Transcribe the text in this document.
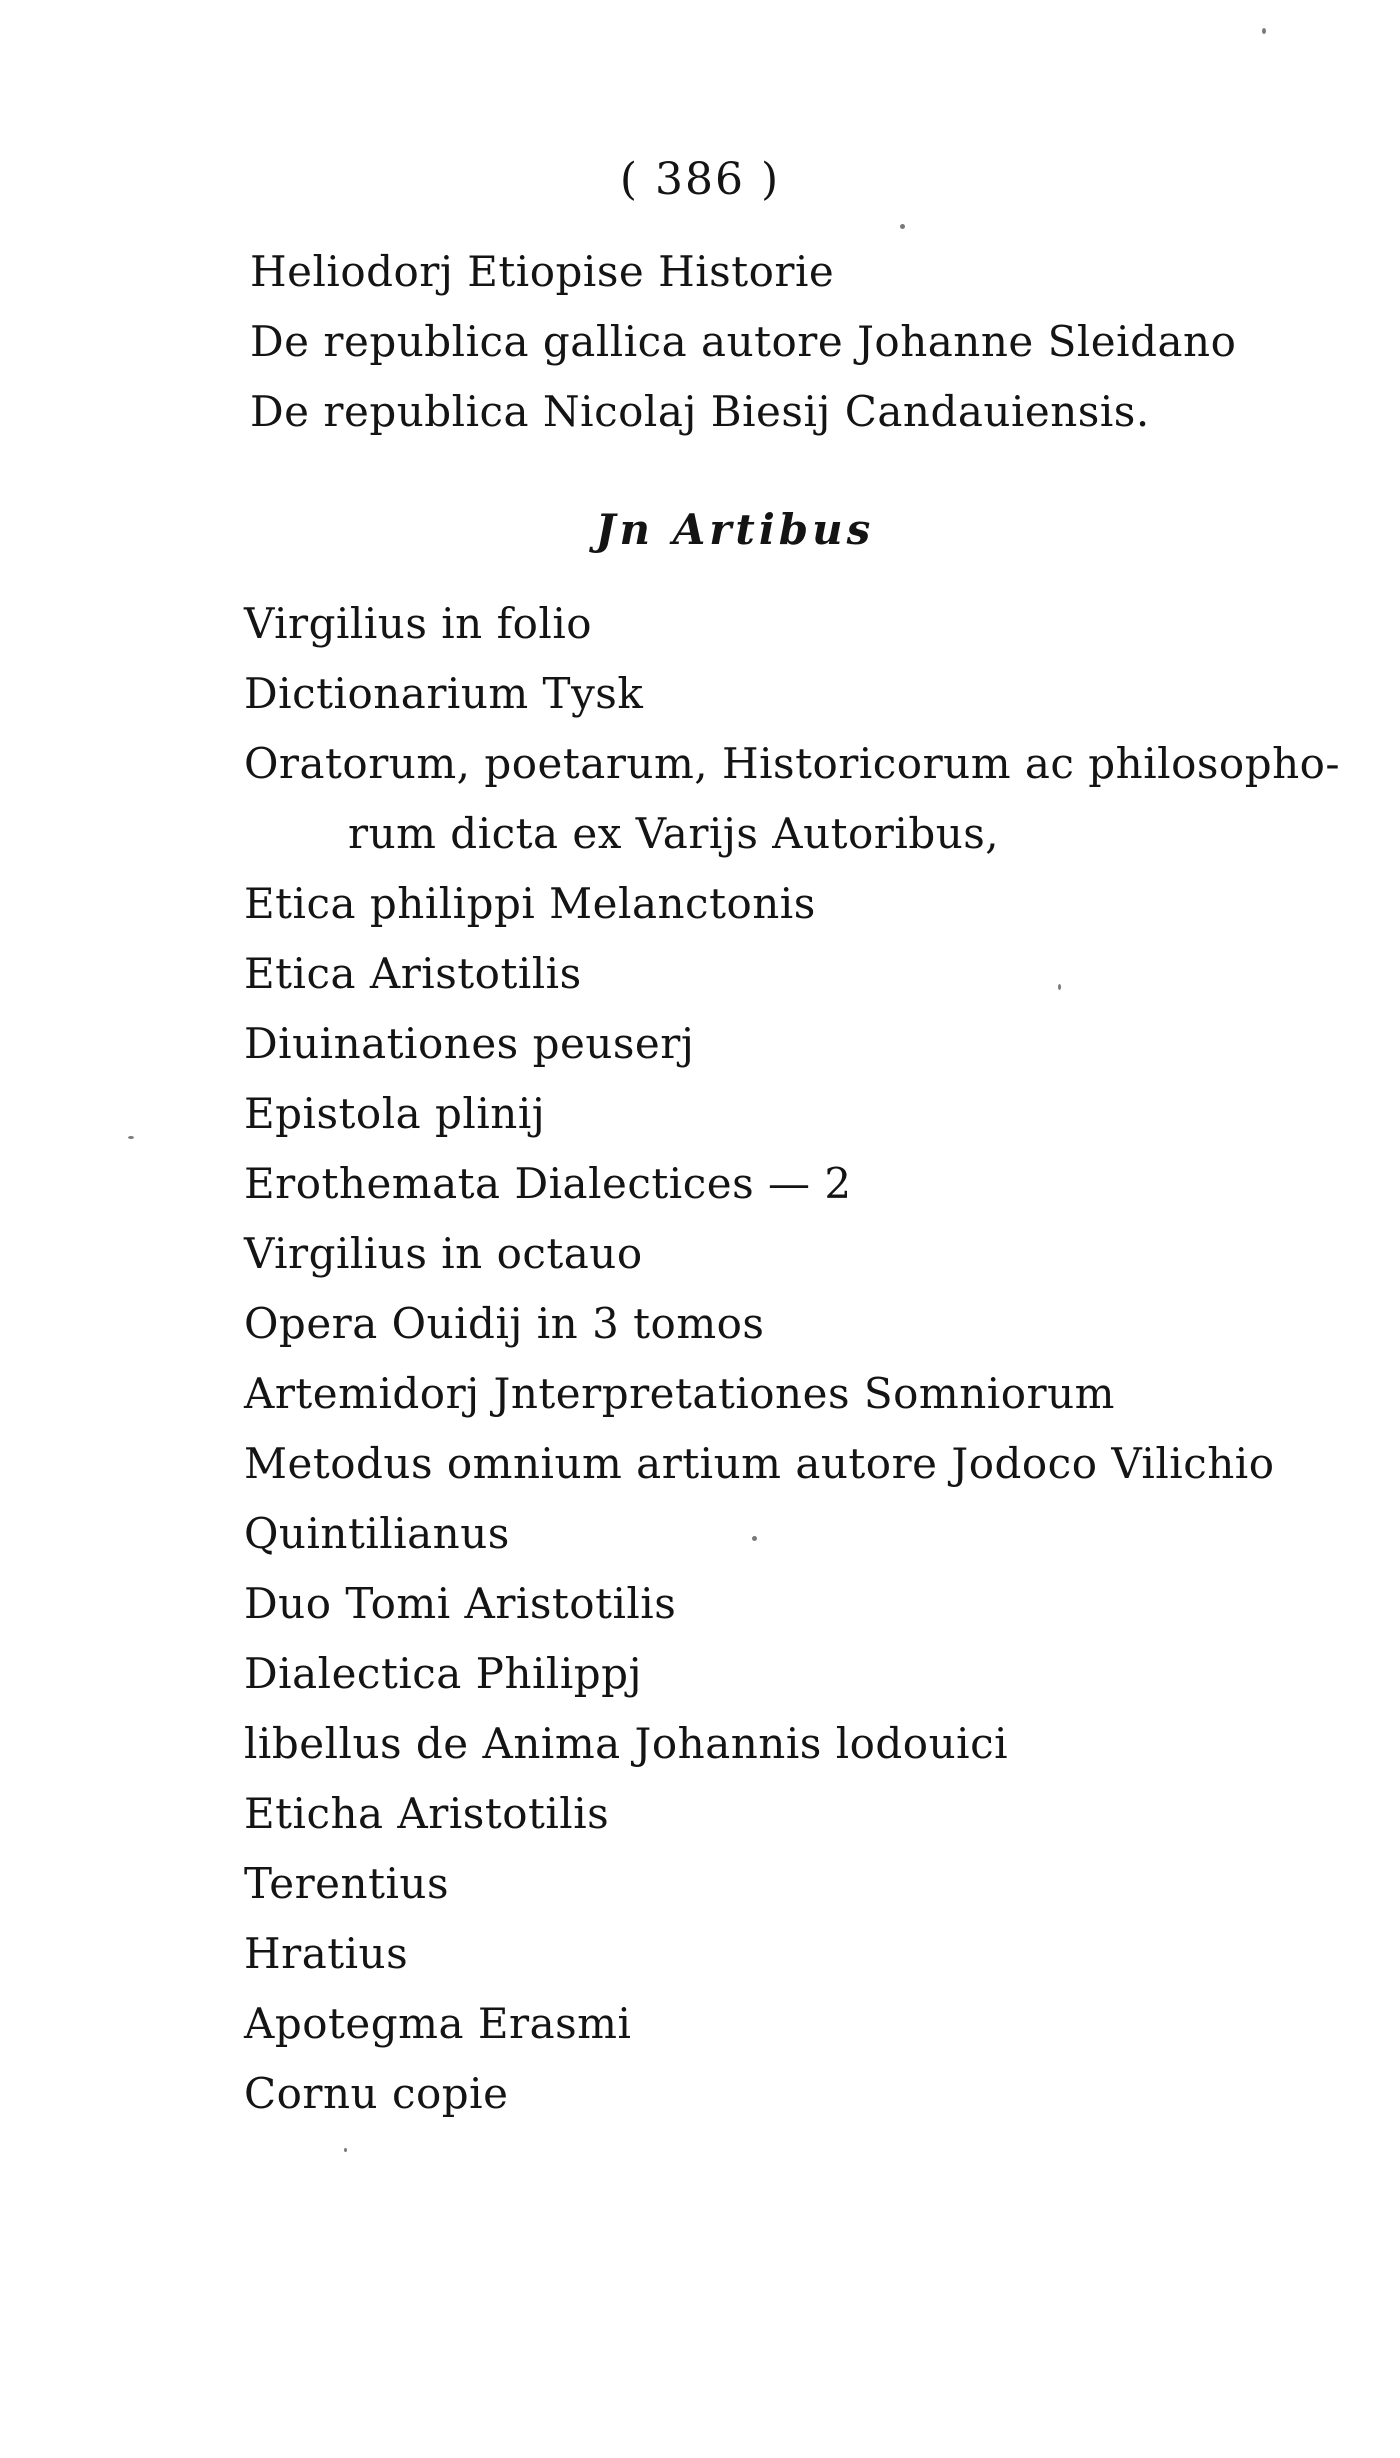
( 386 )
Heliodorj Etiopise Historie
De republica gallica autore Johanne Sleidano
De republica Nicolaj Biesij Candauiensis.
Jn Artibus
Virgilius in folio
Dictionarium Tysk
Oratorum, poetarum, Historicorum ac philosopho-
rum dicta ex Varijs Autoribus,
Etica philippi Melanctonis
Etica Aristotilis
Diuinationes peuserj
Epistola plinij
Erothemata Dialectices — 2
Virgilius in octauo
Opera Ouidij in 3 tomos
Artemidorj Jnterpretationes Somniorum
Metodus omnium artium autore Jodoco Vilichio
Quintilianus
Duo Tomi Aristotilis
Dialectica Philippj
libellus de Anima Johannis lodouici
Eticha Aristotilis
Terentius
Hratius
Apotegma Erasmi
Cornu copie
